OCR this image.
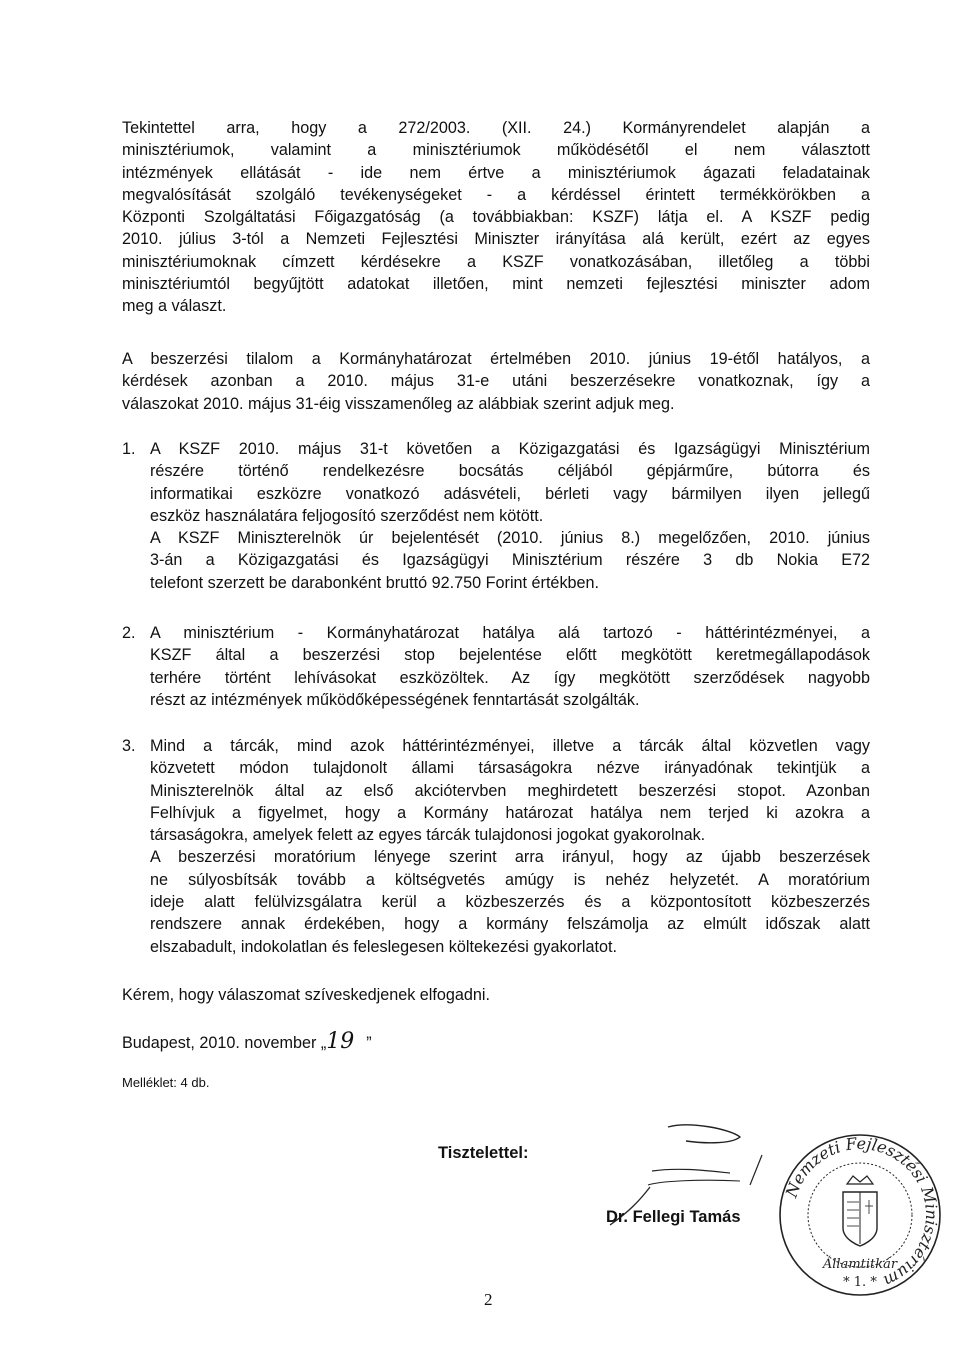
Tekintettel arra, hogy a 272/2003. (XII. 24.) Kormányrendelet alapján a
minisztériumok, valamint a minisztériumok működésétől el nem választott
intézmények ellátását - ide nem értve a minisztériumok ágazati feladatainak
megvalósítását szolgáló tevékenységeket - a kérdéssel érintett termékkörökben a
Központi Szolgáltatási Főigazgatóság (a továbbiakban: KSZF) látja el. A KSZF pedig
2010. július 3-tól a Nemzeti Fejlesztési Miniszter irányítása alá került, ezért az egyes
minisztériumoknak címzett kérdésekre a KSZF vonatkozásában, illetőleg a többi
minisztériumtól begyűjtött adatokat illetően, mint nemzeti fejlesztési miniszter adom
meg a választ.
A beszerzési tilalom a Kormányhatározat értelmében 2010. június 19-étől hatályos, a
kérdések azonban a 2010. május 31-e utáni beszerzésekre vonatkoznak, így a
válaszokat 2010. május 31-éig visszamenőleg az alábbiak szerint adjuk meg.
1. A KSZF 2010. május 31-t követően a Közigazgatási és Igazságügyi Minisztérium
részére történő rendelkezésre bocsátás céljából gépjárműre, bútorra és
informatikai eszközre vonatkozó adásvételi, bérleti vagy bármilyen ilyen jellegű
eszköz használatára feljogosító szerződést nem kötött.
A KSZF Miniszterelnök úr bejelentését (2010. június 8.) megelőzően, 2010. június
3-án a Közigazgatási és Igazságügyi Minisztérium részére 3 db Nokia E72
telefont szerzett be darabonként bruttó 92.750 Forint értékben.
2. A minisztérium - Kormányhatározat hatálya alá tartozó - háttérintézményei, a
KSZF által a beszerzési stop bejelentése előtt megkötött keretmegállapodások
terhére történt lehívásokat eszközöltek. Az így megkötött szerződések nagyobb
részt az intézmények működőképességének fenntartását szolgálták.
3. Mind a tárcák, mind azok háttérintézményei, illetve a tárcák által közvetlen vagy
közvetett módon tulajdonolt állami társaságokra nézve irányadónak tekintjük a
Miniszterelnök által az első akciótervben meghirdetett beszerzési stopot. Azonban
Felhívjuk a figyelmet, hogy a Kormány határozat hatálya nem terjed ki azokra a
társaságokra, amelyek felett az egyes tárcák tulajdonosi jogokat gyakorolnak.
A beszerzési moratórium lényege szerint arra irányul, hogy az újabb beszerzések
ne súlyosbítsák tovább a költségvetés amúgy is nehéz helyzetét. A moratórium
ideje alatt felülvizsgálatra kerül a közbeszerzés és a központosított közbeszerzés
rendszere annak érdekében, hogy a kormány felszámolja az elmúlt időszak alatt
elszabadult, indokolatlan és feleslegesen költekezési gyakorlatot.
Kérem, hogy válaszomat szíveskedjenek elfogadni.
Budapest, 2010. november „19 ”
Melléklet: 4 db.
Tisztelettel:
Dr. Fellegi Tamás
Nemzeti Fejlesztési Minisztérium
Államtitkár
* 1. *
2
